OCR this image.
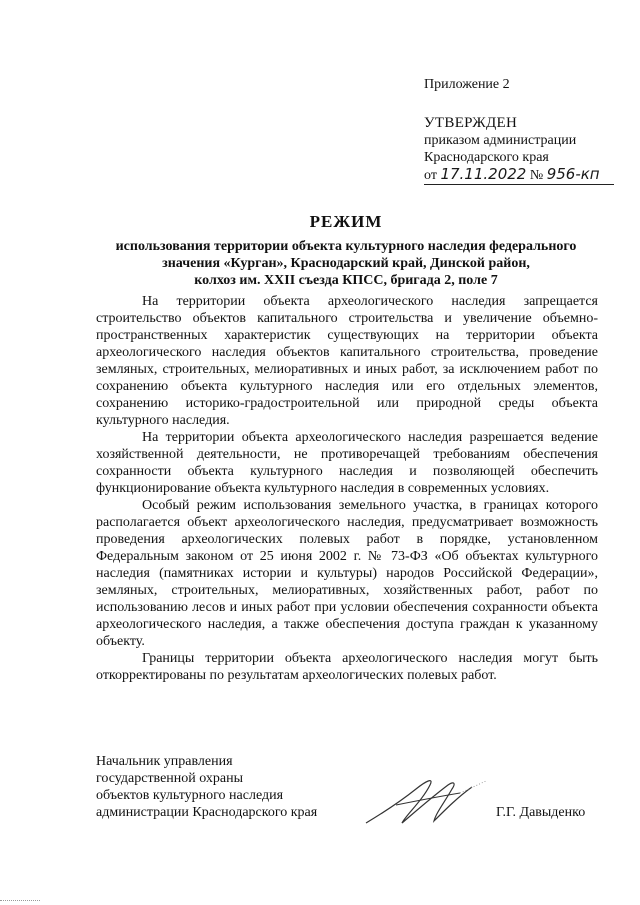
Приложение 2
УТВЕРЖДЕН
приказом администрации
Краснодарского края
от 17.11.2022 № 956-кп
РЕЖИМ
использования территории объекта культурного наследия федерального
значения «Курган», Краснодарский край, Динской район,
колхоз им. XXII съезда КПСС, бригада 2, поле 7

На территории объекта археологического наследия запрещается строительство объектов капитального строительства и увеличение объемно-пространственных характеристик существующих на территории объекта археологического наследия объектов капитального строительства, проведение земляных, строительных, мелиоративных и иных работ, за исключением работ по сохранению объекта культурного наследия или его отдельных элементов, сохранению историко-градостроительной или природной среды объекта культурного наследия.

На территории объекта археологического наследия разрешается ведение хозяйственной деятельности, не противоречащей требованиям обеспечения сохранности объекта культурного наследия и позволяющей обеспечить функционирование объекта культурного наследия в современных условиях.

Особый режим использования земельного участка, в границах которого располагается объект археологического наследия, предусматривает возможность проведения археологических полевых работ в порядке, установленном Федеральным законом от 25 июня 2002 г. № 73-ФЗ «Об объектах культурного наследия (памятниках истории и культуры) народов Российской Федерации», земляных, строительных, мелиоративных, хозяйственных работ, работ по использованию лесов и иных работ при условии обеспечения сохранности объекта археологического наследия, а также обеспечения доступа граждан к указанному объекту.

Границы территории объекта археологического наследия могут быть откорректированы по результатам археологических полевых работ.

Начальник управления
государственной охраны
объектов культурного наследия
администрации Краснодарского края	Г.Г. Давыденко
